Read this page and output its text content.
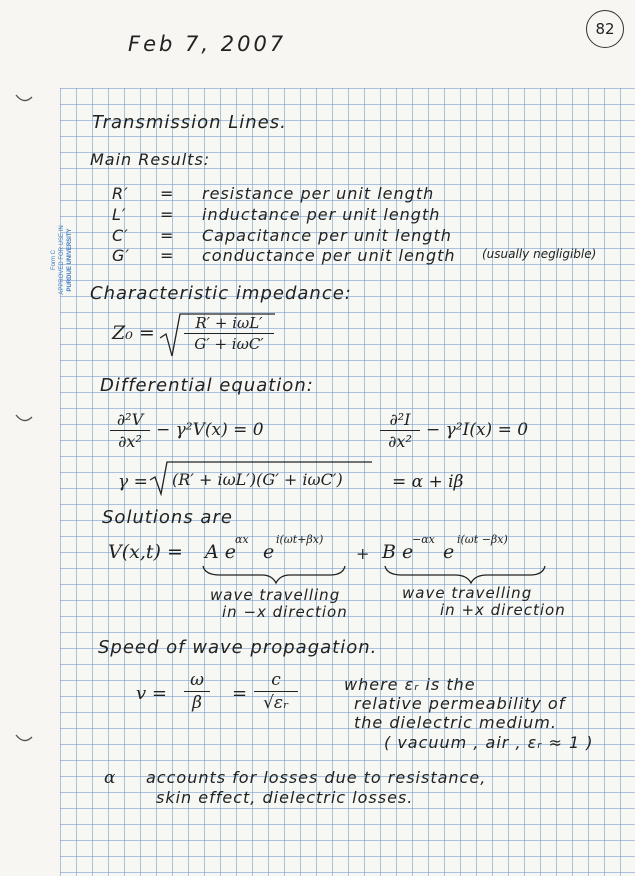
Form C APPROVED FOR USE IN PURDUE UNIVERSITY
Feb 7, 2007
82
Transmission Lines.
Main Results:
R′ = resistance per unit length
L′ = inductance per unit length
C′ = Capacitance per unit length
G′ = conductance per unit length (usually negligible)
Characteristic impedance:
Z₀ =	R′ + iωL′
G′ + iωC′
Differential equation:
∂²V
∂x²
− γ²V(x) = 0
∂²I
∂x²
− γ²I(x) = 0
γ = (R′ + iωL′)(G′ + iωC′)	= α + iβ
Solutions are
V(x,t) = A e
αx
e
i(ωt+βx)
+ B e
−αx
e
i(ωt −βx)
wave travelling
in −x direction
wave travelling
in +x direction
Speed of wave propagation.
v =
ω
β	=
c
√εᵣ
where εᵣ is the
relative permeability of
the dielectric medium.
( vacuum , air , εᵣ ≈ 1 )
α accounts for losses due to resistance,
skin effect, dielectric losses.
